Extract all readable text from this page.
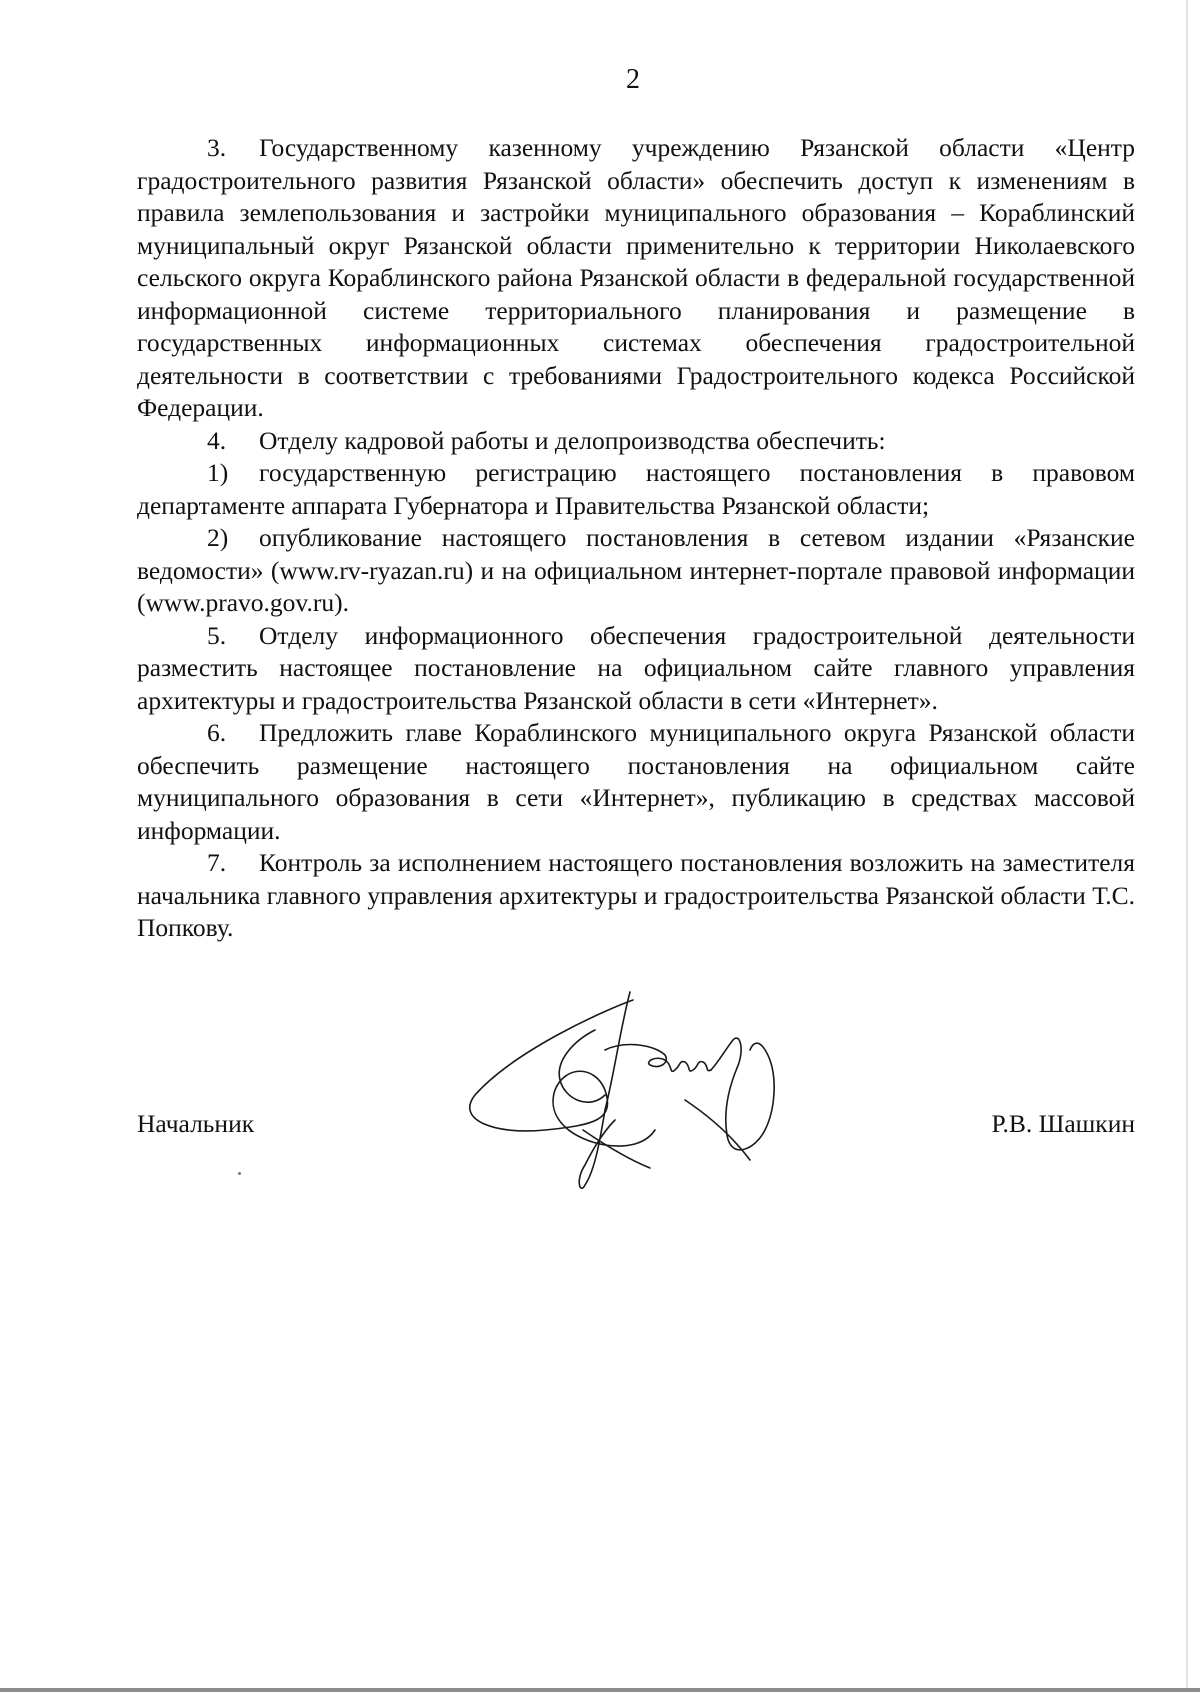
2

3. Государственному казенному учреждению Рязанской области «Центр градостроительного развития Рязанской области» обеспечить доступ к изменениям в правила землепользования и застройки муниципального образования – Кораблинский муниципальный округ Рязанской области применительно к территории Николаевского сельского округа Кораблинского района Рязанской области в федеральной государственной информационной системе территориального планирования и размещение в государственных информационных системах обеспечения градостроительной деятельности в соответствии с требованиями Градостроительного кодекса Российской Федерации.

4. Отделу кадровой работы и делопроизводства обеспечить:

1) государственную регистрацию настоящего постановления в правовом департаменте аппарата Губернатора и Правительства Рязанской области;

2) опубликование настоящего постановления в сетевом издании «Рязанские ведомости» (www.rv-ryazan.ru) и на официальном интернет-портале правовой информации (www.pravo.gov.ru).

5. Отделу информационного обеспечения градостроительной деятельности разместить настоящее постановление на официальном сайте главного управления архитектуры и градостроительства Рязанской области в сети «Интернет».

6. Предложить главе Кораблинского муниципального округа Рязанской области обеспечить размещение настоящего постановления на официальном сайте муниципального образования в сети «Интернет», публикацию в средствах массовой информации.

7. Контроль за исполнением настоящего постановления возложить на заместителя начальника главного управления архитектуры и градостроительства Рязанской области Т.С. Попкову.

Начальник	Р.В. Шашкин
